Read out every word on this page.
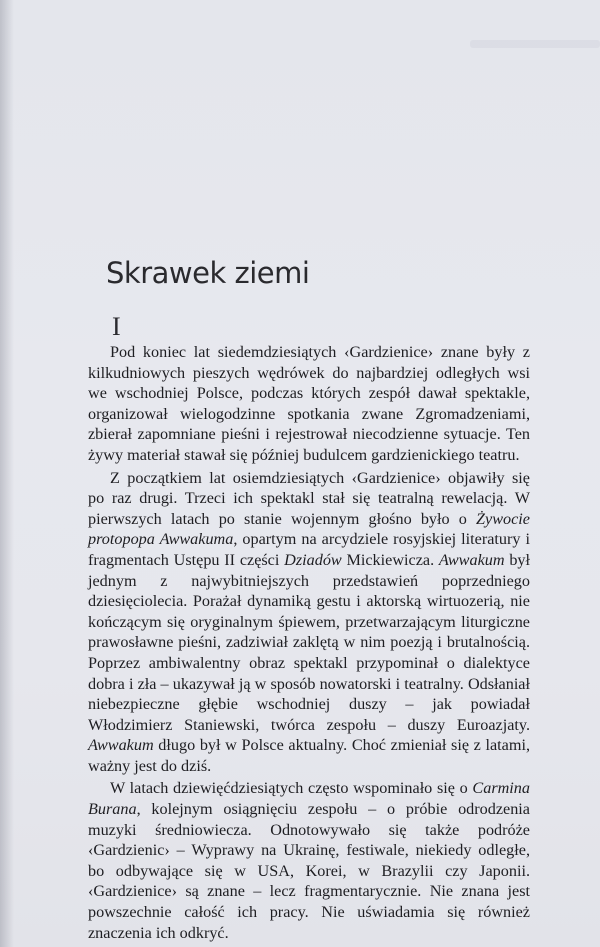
Skrawek ziemi
I

Pod koniec lat siedemdziesiątych ‹Gardzienice› znane były z kilkudniowych pieszych wędrówek do najbardziej odległych wsi we wschodniej Polsce, podczas których zespół dawał spektakle, organizował wielogodzinne spotkania zwane Zgromadzeniami, zbierał zapomniane pieśni i rejestrował niecodzienne sytuacje. Ten żywy materiał stawał się później budulcem gardzienickiego teatru.

Z początkiem lat osiemdziesiątych ‹Gardzienice› objawiły się po raz drugi. Trzeci ich spektakl stał się teatralną rewelacją. W pierwszych latach po stanie wojennym głośno było o Żywocie protopopa Awwakuma, opartym na arcydziele rosyjskiej literatury i fragmentach Ustępu II części Dziadów Mickiewicza. Awwakum był jednym z najwybitniejszych przedstawień poprzedniego dziesięciolecia. Porażał dynamiką gestu i aktorską wirtuozerią, nie kończącym się oryginalnym śpiewem, przetwarzającym liturgiczne prawosławne pieśni, zadziwiał zaklętą w nim poezją i brutalnością. Poprzez ambiwalentny obraz spektakl przypominał o dialektyce dobra i zła – ukazywał ją w sposób nowatorski i teatralny. Odsłaniał niebezpieczne głębie wschodniej duszy – jak powiadał Włodzimierz Staniewski, twórca zespołu – duszy Euroazjaty. Awwakum długo był w Polsce aktualny. Choć zmieniał się z latami, ważny jest do dziś.

W latach dziewięćdziesiątych często wspominało się o Carmina Burana, kolejnym osiągnięciu zespołu – o próbie odrodzenia muzyki średniowiecza. Odnotowywało się także podróże ‹Gardzienic› – Wyprawy na Ukrainę, festiwale, niekiedy odległe, bo odbywające się w USA, Korei, w Brazylii czy Japonii. ‹Gardzienice› są znane – lecz fragmentarycznie. Nie znana jest powszechnie całość ich pracy. Nie uświadamia się również znaczenia ich odkryć.
